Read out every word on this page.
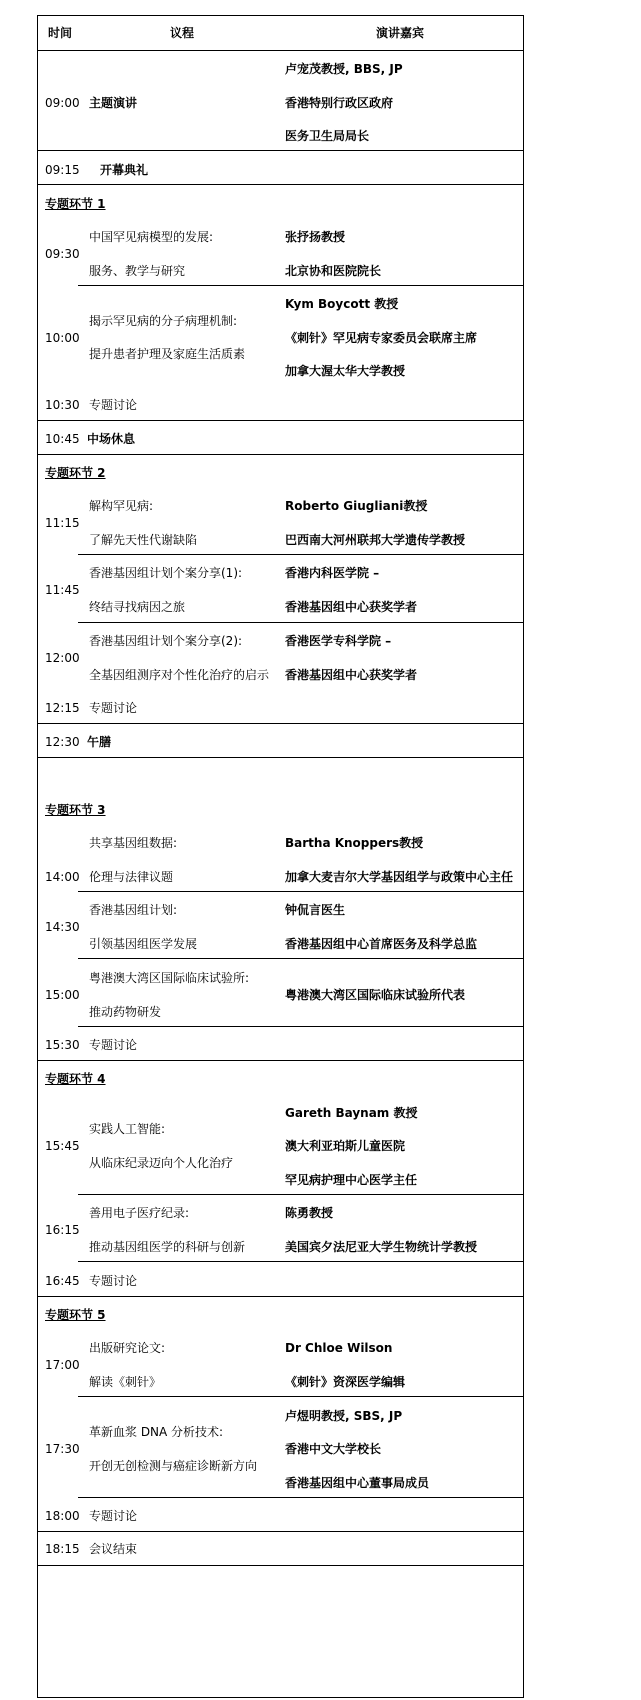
时间	议程	演讲嘉宾
09:00 主题演讲
卢宠茂教授, BBS, JP
香港特别行政区政府
医务卫生局局长
09:15 开幕典礼
专题环节 1
09:30
中国罕见病模型的发展:
服务、教学与研究
张抒扬教授
北京协和医院院长
10:00
揭示罕见病的分子病理机制:
提升患者护理及家庭生活质素
Kym Boycott 教授
《刺针》罕见病专家委员会联席主席
加拿大渥太华大学教授
10:30 专题讨论
10:45 中场休息
专题环节 2
11:15
解构罕见病:
了解先天性代谢缺陷
Roberto Giugliani教授
巴西南大河州联邦大学遗传学教授
11:45
香港基因组计划个案分享(1):
终结寻找病因之旅
香港内科医学院 –
香港基因组中心获奖学者
12:00
香港基因组计划个案分享(2):
全基因组测序对个性化治疗的启示
香港医学专科学院 –
香港基因组中心获奖学者
12:15 专题讨论
12:30 午膳
专题环节 3
14:00
共享基因组数据:
伦理与法律议题
Bartha Knoppers教授
加拿大麦吉尔大学基因组学与政策中心主任
14:30
香港基因组计划:
引领基因组医学发展
钟侃言医生
香港基因组中心首席医务及科学总监
15:00
粤港澳大湾区国际临床试验所:
推动药物研发
粤港澳大湾区国际临床试验所代表
15:30 专题讨论
专题环节 4
15:45
实践人工智能:
从临床纪录迈向个人化治疗
Gareth Baynam 教授
澳大利亚珀斯儿童医院
罕见病护理中心医学主任
16:15
善用电子医疗纪录:
推动基因组医学的科研与创新
陈勇教授
美国宾夕法尼亚大学生物统计学教授
16:45 专题讨论
专题环节 5
17:00
出版研究论文:
解读《刺针》
Dr Chloe Wilson
《刺针》资深医学编辑
17:30
革新血浆 DNA 分析技术:
开创无创检测与癌症诊断新方向
卢煜明教授, SBS, JP
香港中文大学校长
香港基因组中心董事局成员
18:00 专题讨论
18:15 会议结束
